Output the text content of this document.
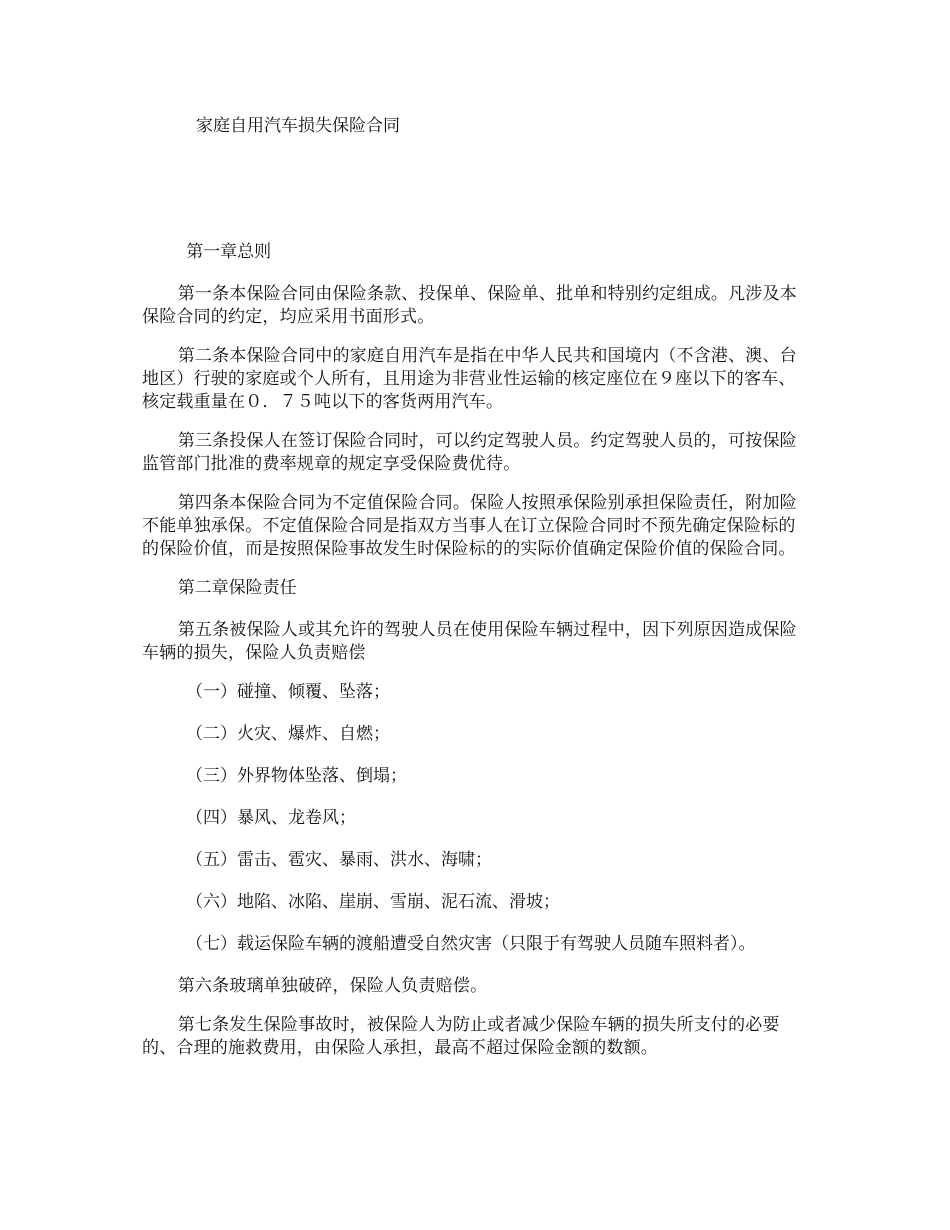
家庭自用汽车损失保险合同
第一章总则

第一条本保险合同由保险条款、投保单、保险单、批单和特别约定组成。凡涉及本保险合同的约定，均应采用书面形式。

第二条本保险合同中的家庭自用汽车是指在中华人民共和国境内（不含港、澳、台地区）行驶的家庭或个人所有，且用途为非营业性运输的核定座位在９座以下的客车、核定载重量在０．７５吨以下的客货两用汽车。

第三条投保人在签订保险合同时，可以约定驾驶人员。约定驾驶人员的，可按保险监管部门批准的费率规章的规定享受保险费优待。

第四条本保险合同为不定值保险合同。保险人按照承保险别承担保险责任，附加险不能单独承保。不定值保险合同是指双方当事人在订立保险合同时不预先确定保险标的的保险价值，而是按照保险事故发生时保险标的的实际价值确定保险价值的保险合同。

第二章保险责任

第五条被保险人或其允许的驾驶人员在使用保险车辆过程中，因下列原因造成保险车辆的损失，保险人负责赔偿

（一）碰撞、倾覆、坠落；
（二）火灾、爆炸、自燃；
（三）外界物体坠落、倒塌；
（四）暴风、龙卷风；
（五）雷击、雹灾、暴雨、洪水、海啸；
（六）地陷、冰陷、崖崩、雪崩、泥石流、滑坡；
（七）载运保险车辆的渡船遭受自然灾害（只限于有驾驶人员随车照料者）。

第六条玻璃单独破碎，保险人负责赔偿。

第七条发生保险事故时，被保险人为防止或者减少保险车辆的损失所支付的必要的、合理的施救费用，由保险人承担，最高不超过保险金额的数额。
